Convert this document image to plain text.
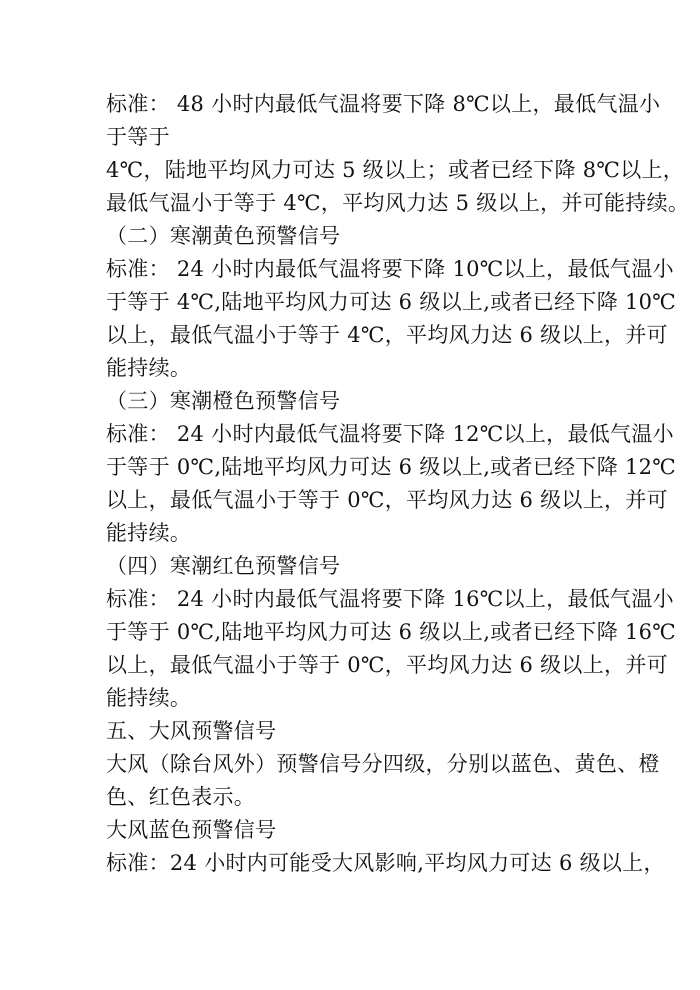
标准： 48 小时内最低气温将要下降 8℃以上，最低气温小
于等于
4℃，陆地平均风力可达 5 级以上；或者已经下降 8℃以上，
最低气温小于等于 4℃，平均风力达 5 级以上，并可能持续。
（二）寒潮黄色预警信号
标准： 24 小时内最低气温将要下降 10℃以上，最低气温小
于等于 4℃,陆地平均风力可达 6 级以上,或者已经下降 10℃
以上，最低气温小于等于 4℃，平均风力达 6 级以上，并可
能持续。
（三）寒潮橙色预警信号
标准： 24 小时内最低气温将要下降 12℃以上，最低气温小
于等于 0℃,陆地平均风力可达 6 级以上,或者已经下降 12℃
以上，最低气温小于等于 0℃，平均风力达 6 级以上，并可
能持续。
（四）寒潮红色预警信号
标准： 24 小时内最低气温将要下降 16℃以上，最低气温小
于等于 0℃,陆地平均风力可达 6 级以上,或者已经下降 16℃
以上，最低气温小于等于 0℃，平均风力达 6 级以上，并可
能持续。
五、大风预警信号
大风（除台风外）预警信号分四级，分别以蓝色、黄色、橙
色、红色表示。
大风蓝色预警信号
标准：24 小时内可能受大风影响,平均风力可达 6 级以上，
